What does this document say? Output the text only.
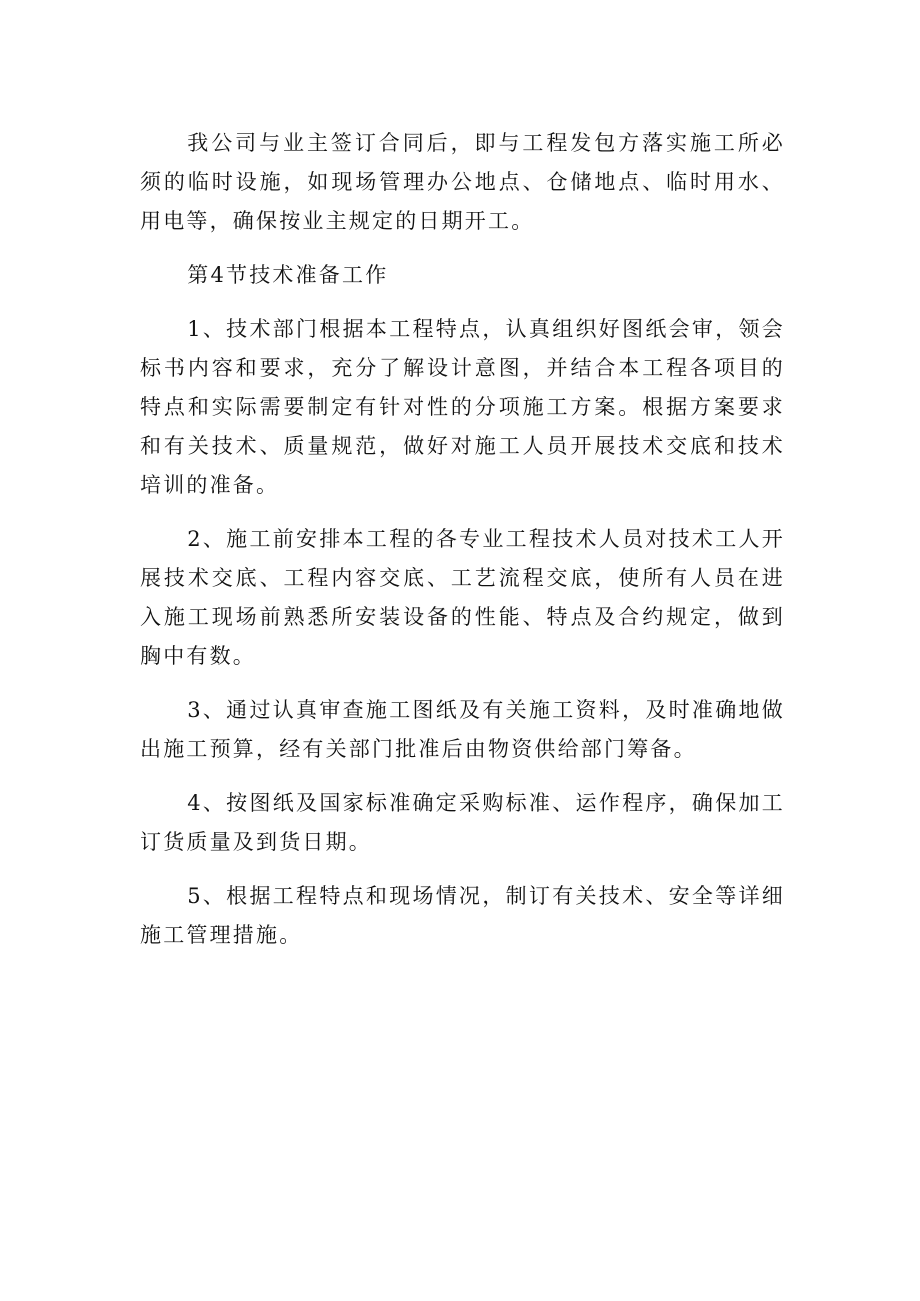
我公司与业主签订合同后，即与工程发包方落实施工所必须的临时设施，如现场管理办公地点、仓储地点、临时用水、用电等，确保按业主规定的日期开工。

第4节技术准备工作

1、技术部门根据本工程特点，认真组织好图纸会审，领会标书内容和要求，充分了解设计意图，并结合本工程各项目的特点和实际需要制定有针对性的分项施工方案。根据方案要求和有关技术、质量规范，做好对施工人员开展技术交底和技术培训的准备。

2、施工前安排本工程的各专业工程技术人员对技术工人开展技术交底、工程内容交底、工艺流程交底，使所有人员在进入施工现场前熟悉所安装设备的性能、特点及合约规定，做到胸中有数。

3、通过认真审查施工图纸及有关施工资料，及时准确地做出施工预算，经有关部门批准后由物资供给部门筹备。

4、按图纸及国家标准确定采购标准、运作程序，确保加工订货质量及到货日期。

5、根据工程特点和现场情况，制订有关技术、安全等详细施工管理措施。
